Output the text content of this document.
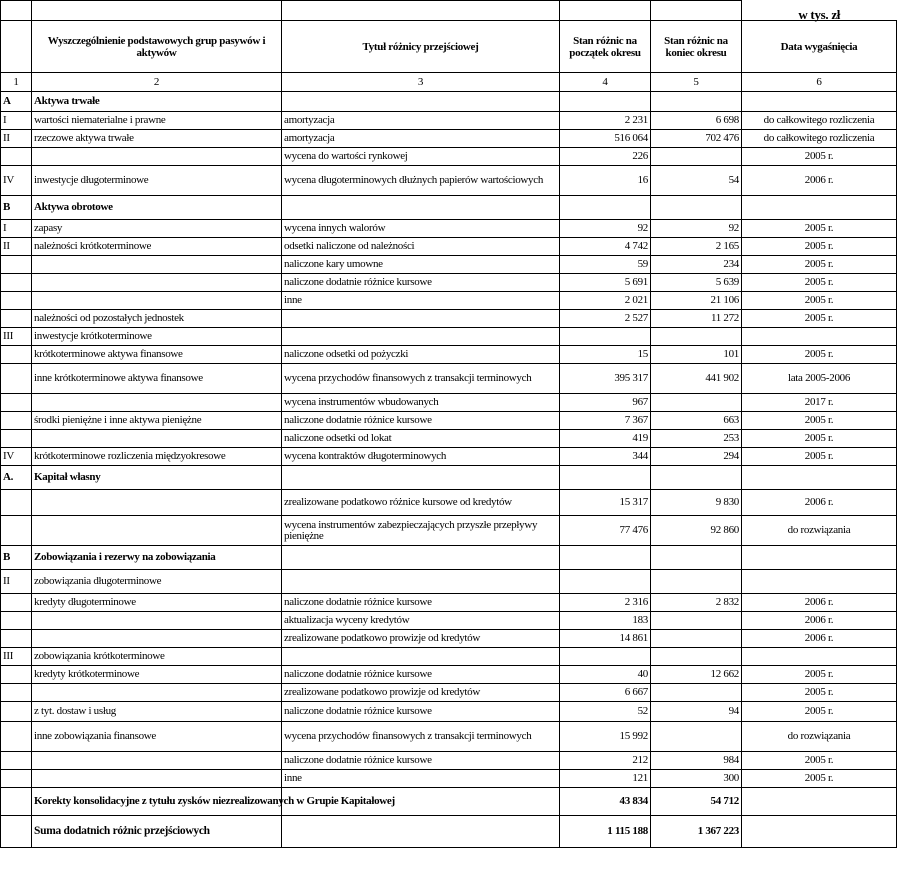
					w tys. zł
	Wyszczególnienie podstawowych grup pasywów i aktywów	Tytuł różnicy przejściowej	Stan różnic na początek okresu	Stan różnic na koniec okresu	Data wygaśnięcia
1	2	3	4	5	6
A	Aktywa trwałe				
I	wartości niematerialne i prawne	amortyzacja	2 231	6 698	do całkowitego rozliczenia
II	rzeczowe aktywa trwałe	amortyzacja	516 064	702 476	do całkowitego rozliczenia
		wycena do wartości rynkowej	226		2005 r.
IV	inwestycje długoterminowe	wycena długoterminowych dłużnych papierów wartościowych	16	54	2006 r.
B	Aktywa obrotowe				
I	zapasy	wycena innych walorów	92	92	2005 r.
II	należności krótkoterminowe	odsetki naliczone od należności	4 742	2 165	2005 r.
		naliczone kary umowne	59	234	2005 r.
		naliczone dodatnie różnice kursowe	5 691	5 639	2005 r.
		inne	2 021	21 106	2005 r.
	należności od pozostałych jednostek		2 527	11 272	2005 r.
III	inwestycje krótkoterminowe				
	krótkoterminowe aktywa finansowe	naliczone odsetki od pożyczki	15	101	2005 r.
	inne krótkoterminowe aktywa finansowe	wycena przychodów finansowych z transakcji terminowych	395 317	441 902	lata 2005-2006
		wycena instrumentów wbudowanych	967		2017 r.
	środki pieniężne i inne aktywa pieniężne	naliczone dodatnie różnice kursowe	7 367	663	2005 r.
		naliczone odsetki od lokat	419	253	2005 r.
IV	krótkoterminowe rozliczenia międzyokresowe	wycena kontraktów długoterminowych	344	294	2005 r.
A.	Kapitał własny				
		zrealizowane podatkowo różnice kursowe od kredytów	15 317	9 830	2006 r.
		wycena instrumentów zabezpieczających przyszłe przepływy pieniężne	77 476	92 860	do rozwiązania
B	Zobowiązania i rezerwy na zobowiązania				
II	zobowiązania długoterminowe				
	kredyty długoterminowe	naliczone dodatnie różnice kursowe	2 316	2 832	2006 r.
		aktualizacja wyceny kredytów	183		2006 r.
		zrealizowane podatkowo prowizje od kredytów	14 861		2006 r.
III	zobowiązania krótkoterminowe				
	kredyty krótkoterminowe	naliczone dodatnie różnice kursowe	40	12 662	2005 r.
		zrealizowane podatkowo prowizje od kredytów	6 667		2005 r.
	z tyt. dostaw i usług	naliczone dodatnie różnice kursowe	52	94	2005 r.
	inne zobowiązania finansowe	wycena przychodów finansowych z transakcji terminowych	15 992		do rozwiązania
		naliczone dodatnie różnice kursowe	212	984	2005 r.
		inne	121	300	2005 r.
	Korekty konsolidacyjne z tytułu zysków niezrealizowanych w Grupie Kapitałowej		43 834	54 712	
	Suma dodatnich różnic przejściowych		1 115 188	1 367 223	
